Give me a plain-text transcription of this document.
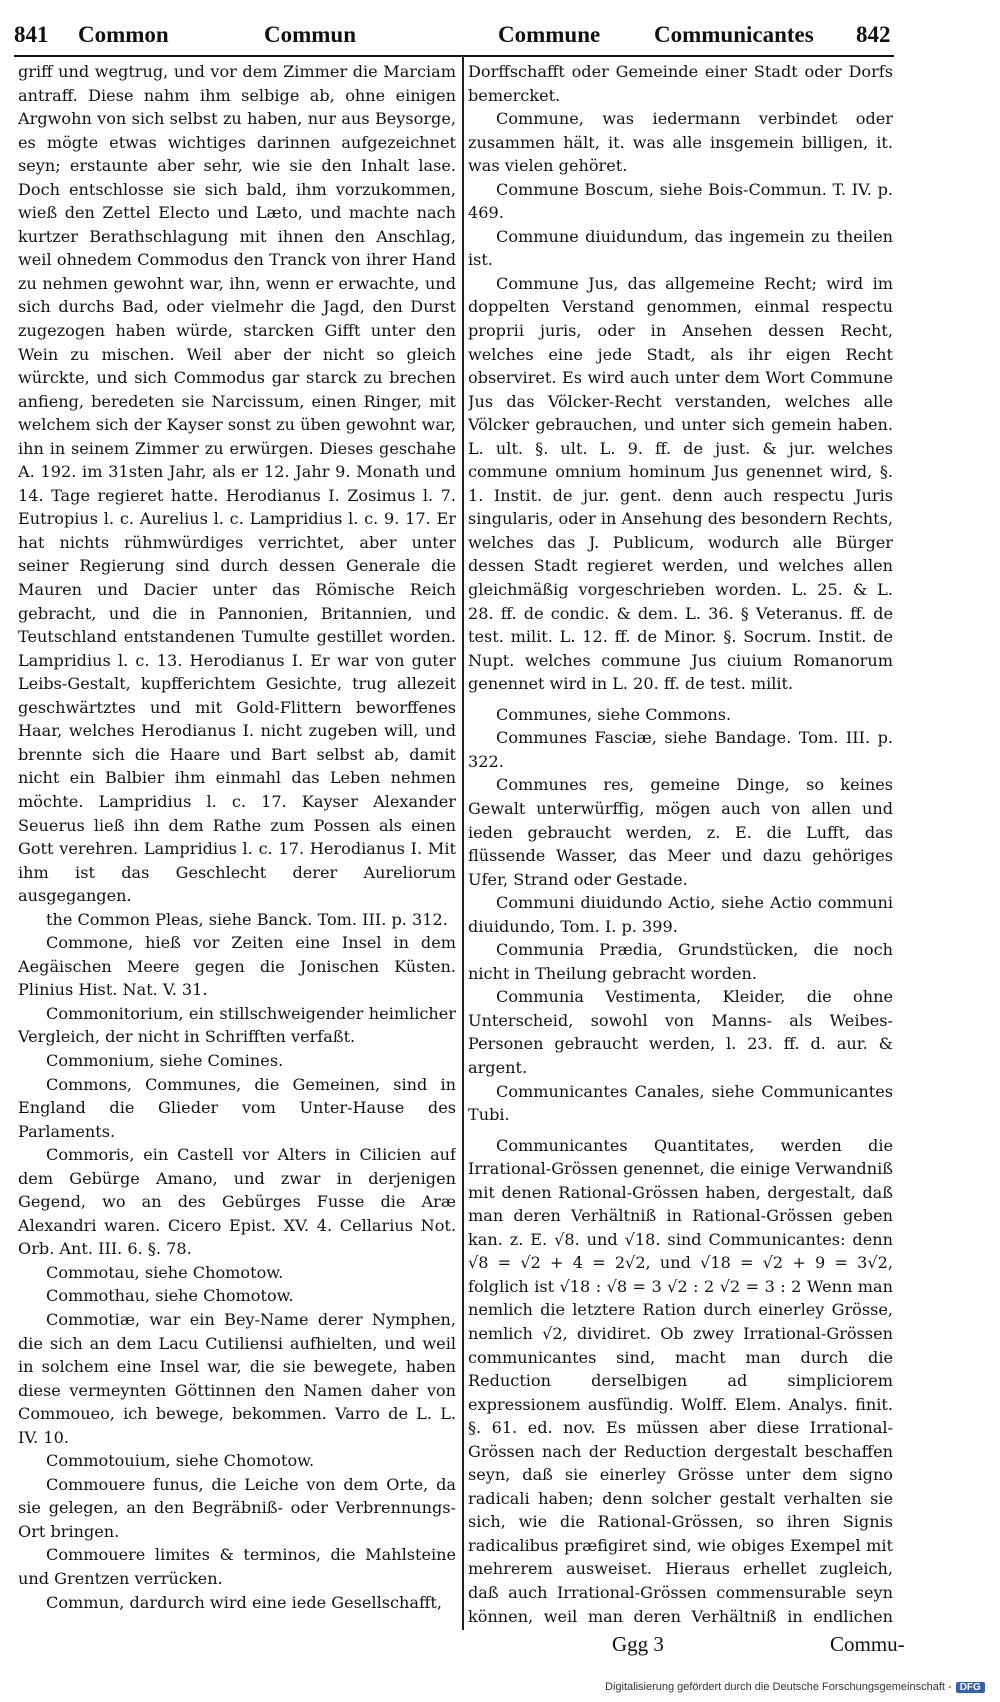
841 Common	Commun	Commune Communicantes 842

griff und wegtrug, und vor dem Zimmer die Marciam antraff. Diese nahm ihm selbige ab, ohne einigen Argwohn von sich selbst zu haben, nur aus Beysorge, es mögte etwas wichtiges darinnen aufgezeichnet seyn; erstaunte aber sehr, wie sie den Inhalt lase. Doch entschlosse sie sich bald, ihm vorzukommen, wieß den Zettel Electo und Læto, und machte nach kurtzer Berathschlagung mit ihnen den Anschlag, weil ohnedem Commodus den Tranck von ihrer Hand zu nehmen gewohnt war, ihn, wenn er erwachte, und sich durchs Bad, oder vielmehr die Jagd, den Durst zugezogen haben würde, starcken Gifft unter den Wein zu mischen. Weil aber der nicht so gleich würckte, und sich Commodus gar starck zu brechen anfieng, beredeten sie Narcissum, einen Ringer, mit welchem sich der Kayser sonst zu üben gewohnt war, ihn in seinem Zimmer zu erwürgen. Dieses geschahe A. 192. im 31sten Jahr, als er 12. Jahr 9. Monath und 14. Tage regieret hatte. Herodianus I. Zosimus l. 7. Eutropius l. c. Aurelius l. c. Lampridius l. c. 9. 17. Er hat nichts rühmwürdiges verrichtet, aber unter seiner Regierung sind durch dessen Generale die Mauren und Dacier unter das Römische Reich gebracht, und die in Pannonien, Britannien, und Teutschland entstandenen Tumulte gestillet worden. Lampridius l. c. 13. Herodianus I. Er war von guter Leibs-Gestalt, kupfferichtem Gesichte, trug allezeit geschwärtztes und mit Gold-Flittern beworffenes Haar, welches Herodianus I. nicht zugeben will, und brennte sich die Haare und Bart selbst ab, damit nicht ein Balbier ihm einmahl das Leben nehmen möchte. Lampridius l. c. 17. Kayser Alexander Seuerus ließ ihn dem Rathe zum Possen als einen Gott verehren. Lampridius l. c. 17. Herodianus I. Mit ihm ist das Geschlecht derer Aureliorum ausgegangen.

the Common Pleas, siehe Banck. Tom. III. p. 312.

Commone, hieß vor Zeiten eine Insel in dem Aegäischen Meere gegen die Jonischen Küsten. Plinius Hist. Nat. V. 31.

Commonitorium, ein stillschweigender heimlicher Vergleich, der nicht in Schrifften verfaßt.

Commonium, siehe Comines.

Commons, Communes, die Gemeinen, sind in England die Glieder vom Unter-Hause des Parlaments.

Commoris, ein Castell vor Alters in Cilicien auf dem Gebürge Amano, und zwar in derjenigen Gegend, wo an des Gebürges Fusse die Aræ Alexandri waren. Cicero Epist. XV. 4. Cellarius Not. Orb. Ant. III. 6. §. 78.

Commotau, siehe Chomotow.

Commothau, siehe Chomotow.

Commotiæ, war ein Bey-Name derer Nymphen, die sich an dem Lacu Cutiliensi aufhielten, und weil in solchem eine Insel war, die sie bewegete, haben diese vermeynten Göttinnen den Namen daher von Commoueo, ich bewege, bekommen. Varro de L. L. IV. 10.

Commotouium, siehe Chomotow.

Commouere funus, die Leiche von dem Orte, da sie gelegen, an den Begräbniß- oder Verbrennungs-Ort bringen.

Commouere limites & terminos, die Mahlsteine und Grentzen verrücken.

Commun, dardurch wird eine iede Gesellschafft,

Dorffschafft oder Gemeinde einer Stadt oder Dorfs bemercket.

Commune, was iedermann verbindet oder zusammen hält, it. was alle insgemein billigen, it. was vielen gehöret.

Commune Boscum, siehe Bois-Commun. T. IV. p. 469.

Commune diuidundum, das ingemein zu theilen ist.

Commune Jus, das allgemeine Recht; wird im doppelten Verstand genommen, einmal respectu proprii juris, oder in Ansehen dessen Recht, welches eine jede Stadt, als ihr eigen Recht observiret. Es wird auch unter dem Wort Commune Jus das Völcker-Recht verstanden, welches alle Völcker gebrauchen, und unter sich gemein haben. L. ult. §. ult. L. 9. ff. de just. & jur. welches commune omnium hominum Jus genennet wird, §. 1. Instit. de jur. gent. denn auch respectu Juris singularis, oder in Ansehung des besondern Rechts, welches das J. Publicum, wodurch alle Bürger dessen Stadt regieret werden, und welches allen gleichmäßig vorgeschrieben worden. L. 25. & L. 28. ff. de condic. & dem. L. 36. § Veteranus. ff. de test. milit. L. 12. ff. de Minor. §. Socrum. Instit. de Nupt. welches commune Jus ciuium Romanorum genennet wird in L. 20. ff. de test. milit.

Communes, siehe Commons.

Communes Fasciæ, siehe Bandage. Tom. III. p. 322.

Communes res, gemeine Dinge, so keines Gewalt unterwürffig, mögen auch von allen und ieden gebraucht werden, z. E. die Lufft, das flüssende Wasser, das Meer und dazu gehöriges Ufer, Strand oder Gestade.

Communi diuidundo Actio, siehe Actio communi diuidundo, Tom. I. p. 399.

Communia Prædia, Grundstücken, die noch nicht in Theilung gebracht worden.

Communia Vestimenta, Kleider, die ohne Unterscheid, sowohl von Manns- als Weibes-Personen gebraucht werden, l. 23. ff. d. aur. & argent.

Communicantes Canales, siehe Communicantes Tubi.

Communicantes Quantitates, werden die Irrational-Grössen genennet, die einige Verwandniß mit denen Rational-Grössen haben, dergestalt, daß man deren Verhältniß in Rational-Grössen geben kan. z. E. √8. und √18. sind Communicantes: denn √8 = √2 + 4 = 2√2, und √18 = √2 + 9 = 3√2, folglich ist √18 : √8 = 3 √2 : 2 √2 = 3 : 2 Wenn man nemlich die letztere Ration durch einerley Grösse, nemlich √2, dividiret. Ob zwey Irrational-Grössen communicantes sind, macht man durch die Reduction derselbigen ad simpliciorem expressionem ausfündig. Wolff. Elem. Analys. finit. §. 61. ed. nov. Es müssen aber diese Irrational-Grössen nach der Reduction dergestalt beschaffen seyn, daß sie einerley Grösse unter dem signo radicali haben; denn solcher gestalt verhalten sie sich, wie die Rational-Grössen, so ihren Signis radicalibus præfigiret sind, wie obiges Exempel mit mehrerem ausweiset. Hieraus erhellet zugleich, daß auch Irrational-Grössen commensurable seyn können, weil man deren Verhältniß in endlichen

Ggg 3	Commu-
Digitalisierung gefördert durch die Deutsche Forschungsgemeinschaft - DFG
